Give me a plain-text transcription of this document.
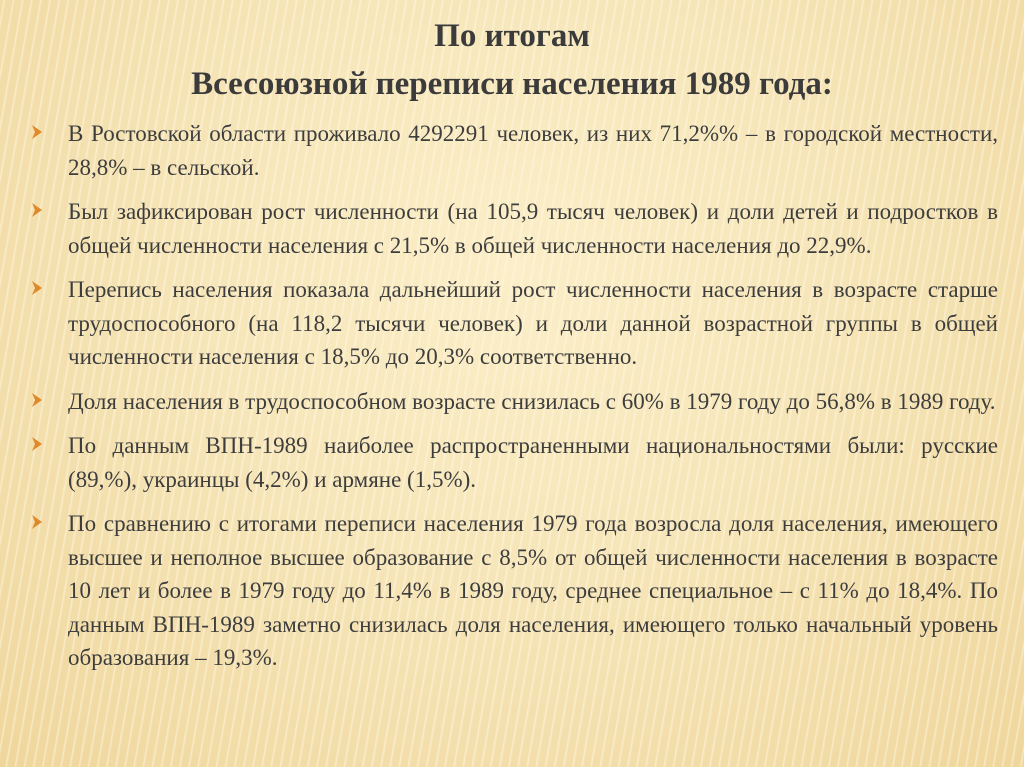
По итогам
Всесоюзной переписи населения 1989 года:
В Ростовской области проживало 4292291 человек, из них 71,2%% – в городской местности, 28,8% – в сельской.
Был зафиксирован рост численности (на 105,9 тысяч человек) и доли детей и подростков в общей численности населения с 21,5% в общей численности населения до 22,9%.
Перепись населения показала дальнейший рост численности населения в возрасте старше трудоспособного (на 118,2 тысячи человек) и доли данной возрастной группы в общей численности населения с 18,5% до 20,3% соответственно.
Доля населения в трудоспособном возрасте снизилась с 60% в 1979 году до 56,8% в 1989 году.
По данным ВПН-1989 наиболее распространенными национальностями были: русские (89,%), украинцы (4,2%) и армяне (1,5%).
По сравнению с итогами переписи населения 1979 года возросла доля населения, имеющего высшее и неполное высшее образование с 8,5% от общей численности населения в возрасте 10 лет и более в 1979 году до 11,4% в 1989 году, среднее специальное – с 11% до 18,4%. По данным ВПН-1989 заметно снизилась доля населения, имеющего только начальный уровень образования – 19,3%.
